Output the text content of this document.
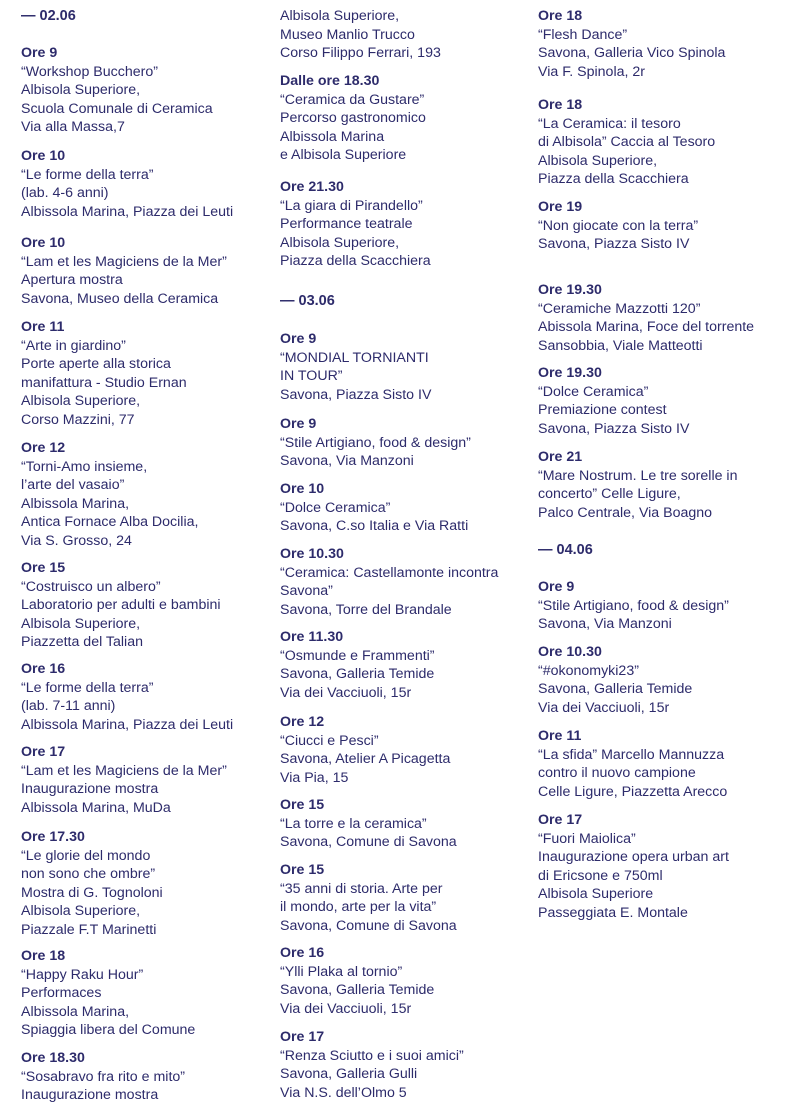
— 02.06
Ore 9
“Workshop Bucchero”
Albisola Superiore,
Scuola Comunale di Ceramica
Via alla Massa,7
Ore 10
“Le forme della terra”
(lab. 4-6 anni)
Albissola Marina, Piazza dei Leuti
Ore 10
“Lam et les Magiciens de la Mer”
Apertura mostra
Savona, Museo della Ceramica
Ore 11
“Arte in giardino”
Porte aperte alla storica
manifattura - Studio Ernan
Albisola Superiore,
Corso Mazzini, 77
Ore 12
“Torni-Amo insieme,
l’arte del vasaio”
Albissola Marina,
Antica Fornace Alba Docilia,
Via S. Grosso, 24
Ore 15
“Costruisco un albero”
Laboratorio per adulti e bambini
Albisola Superiore,
Piazzetta del Talian
Ore 16
“Le forme della terra”
(lab. 7-11 anni)
Albissola Marina, Piazza dei Leuti
Ore 17
“Lam et les Magiciens de la Mer”
Inaugurazione mostra
Albissola Marina, MuDa
Ore 17.30
“Le glorie del mondo
non sono che ombre”
Mostra di G. Tognoloni
Albisola Superiore,
Piazzale F.T Marinetti
Ore 18
“Happy Raku Hour”
Performaces
Albissola Marina,
Spiaggia libera del Comune
Ore 18.30
“Sosabravo fra rito e mito”
Inaugurazione mostra
Albisola Superiore,
Museo Manlio Trucco
Corso Filippo Ferrari, 193
Dalle ore 18.30
“Ceramica da Gustare”
Percorso gastronomico
Albissola Marina
e Albisola Superiore
Ore 21.30
“La giara di Pirandello”
Performance teatrale
Albisola Superiore,
Piazza della Scacchiera
— 03.06
Ore 9
“MONDIAL TORNIANTI
IN TOUR”
Savona, Piazza Sisto IV
Ore 9
“Stile Artigiano, food & design”
Savona, Via Manzoni
Ore 10
“Dolce Ceramica”
Savona, C.so Italia e Via Ratti
Ore 10.30
“Ceramica: Castellamonte incontra
Savona”
Savona, Torre del Brandale
Ore 11.30
“Osmunde e Frammenti”
Savona, Galleria Temide
Via dei Vacciuoli, 15r
Ore 12
“Ciucci e Pesci”
Savona, Atelier A Picagetta
Via Pia, 15
Ore 15
“La torre e la ceramica”
Savona, Comune di Savona
Ore 15
“35 anni di storia. Arte per
il mondo, arte per la vita”
Savona, Comune di Savona
Ore 16
“Ylli Plaka al tornio”
Savona, Galleria Temide
Via dei Vacciuoli, 15r
Ore 17
“Renza Sciutto e i suoi amici”
Savona, Galleria Gulli
Via N.S. dell’Olmo 5
Ore 18
“Flesh Dance”
Savona, Galleria Vico Spinola
Via F. Spinola, 2r
Ore 18
“La Ceramica: il tesoro
di Albisola” Caccia al Tesoro
Albisola Superiore,
Piazza della Scacchiera
Ore 19
“Non giocate con la terra”
Savona, Piazza Sisto IV
Ore 19.30
“Ceramiche Mazzotti 120”
Abissola Marina, Foce del torrente
Sansobbia, Viale Matteotti
Ore 19.30
“Dolce Ceramica”
Premiazione contest
Savona, Piazza Sisto IV
Ore 21
“Mare Nostrum. Le tre sorelle in
concerto” Celle Ligure,
Palco Centrale, Via Boagno
— 04.06
Ore 9
“Stile Artigiano, food & design”
Savona, Via Manzoni
Ore 10.30
“#okonomyki23”
Savona, Galleria Temide
Via dei Vacciuoli, 15r
Ore 11
“La sfida” Marcello Mannuzza
contro il nuovo campione
Celle Ligure, Piazzetta Arecco
Ore 17
“Fuori Maiolica”
Inaugurazione opera urban art
di Ericsone e 750ml
Albisola Superiore
Passeggiata E. Montale
